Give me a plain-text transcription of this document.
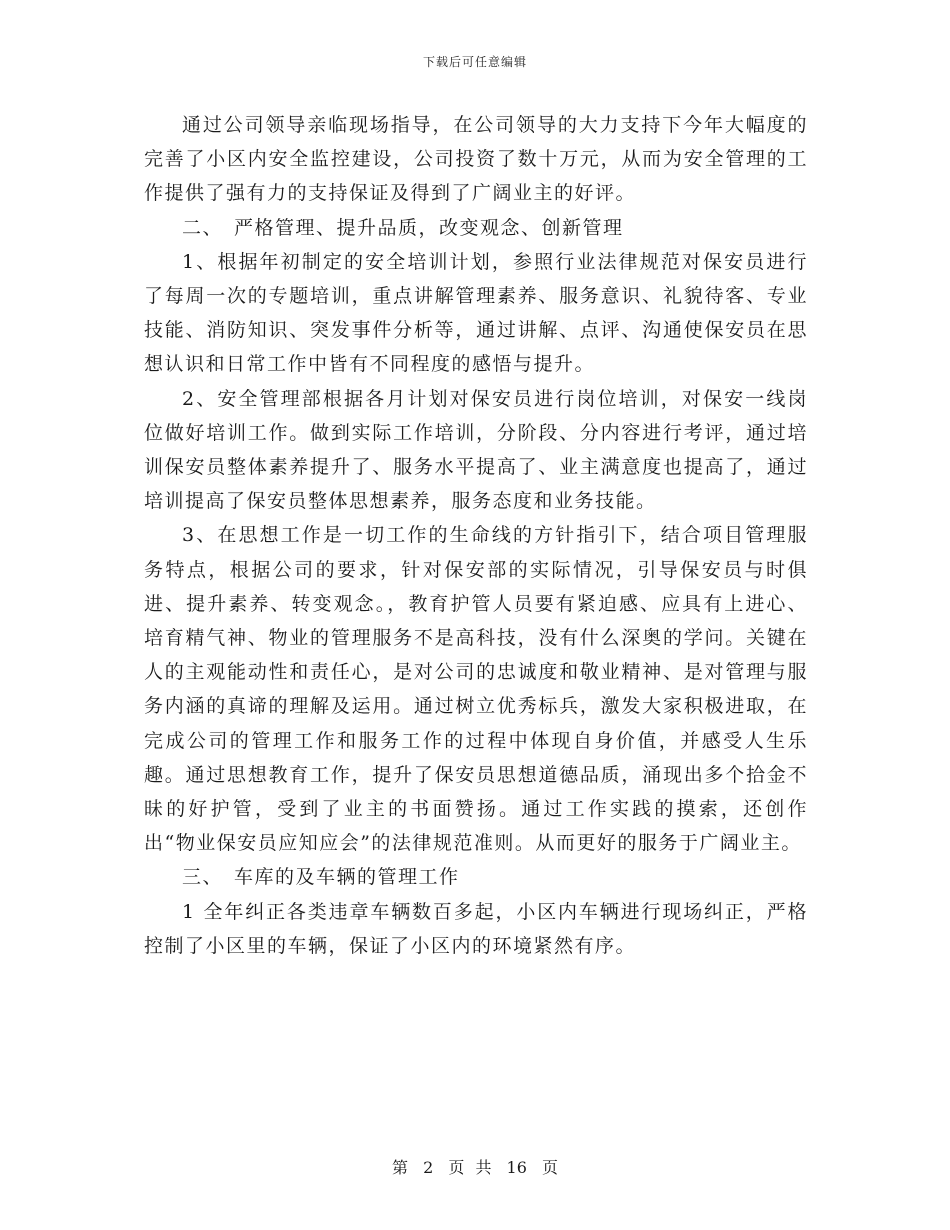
下载后可任意编辑

通过公司领导亲临现场指导，在公司领导的大力支持下今年大幅度的完善了小区内安全监控建设，公司投资了数十万元，从而为安全管理的工作提供了强有力的支持保证及得到了广阔业主的好评。

二、　严格管理、提升品质，改变观念、创新管理

1、根据年初制定的安全培训计划，参照行业法律规范对保安员进行了每周一次的专题培训，重点讲解管理素养、服务意识、礼貌待客、专业技能、消防知识、突发事件分析等，通过讲解、点评、沟通使保安员在思想认识和日常工作中皆有不同程度的感悟与提升。

2、安全管理部根据各月计划对保安员进行岗位培训，对保安一线岗位做好培训工作。做到实际工作培训，分阶段、分内容进行考评，通过培训保安员整体素养提升了、服务水平提高了、业主满意度也提高了，通过培训提高了保安员整体思想素养，服务态度和业务技能。

3、在思想工作是一切工作的生命线的方针指引下，结合项目管理服务特点，根据公司的要求，针对保安部的实际情况，引导保安员与时俱进、提升素养、转变观念。，教育护管人员要有紧迫感、应具有上进心、培育精气神、物业的管理服务不是高科技，没有什么深奥的学问。关键在人的主观能动性和责任心，是对公司的忠诚度和敬业精神、是对管理与服务内涵的真谛的理解及运用。通过树立优秀标兵，激发大家积极进取，在完成公司的管理工作和服务工作的过程中体现自身价值，并感受人生乐趣。通过思想教育工作，提升了保安员思想道德品质，涌现出多个拾金不昧的好护管，受到了业主的书面赞扬。通过工作实践的摸索，还创作出“物业保安员应知应会”的法律规范准则。从而更好的服务于广阔业主。

三、　车库的及车辆的管理工作

1 全年纠正各类违章车辆数百多起，小区内车辆进行现场纠正，严格控制了小区里的车辆，保证了小区内的环境紧然有序。

第 2 页 共 16 页
